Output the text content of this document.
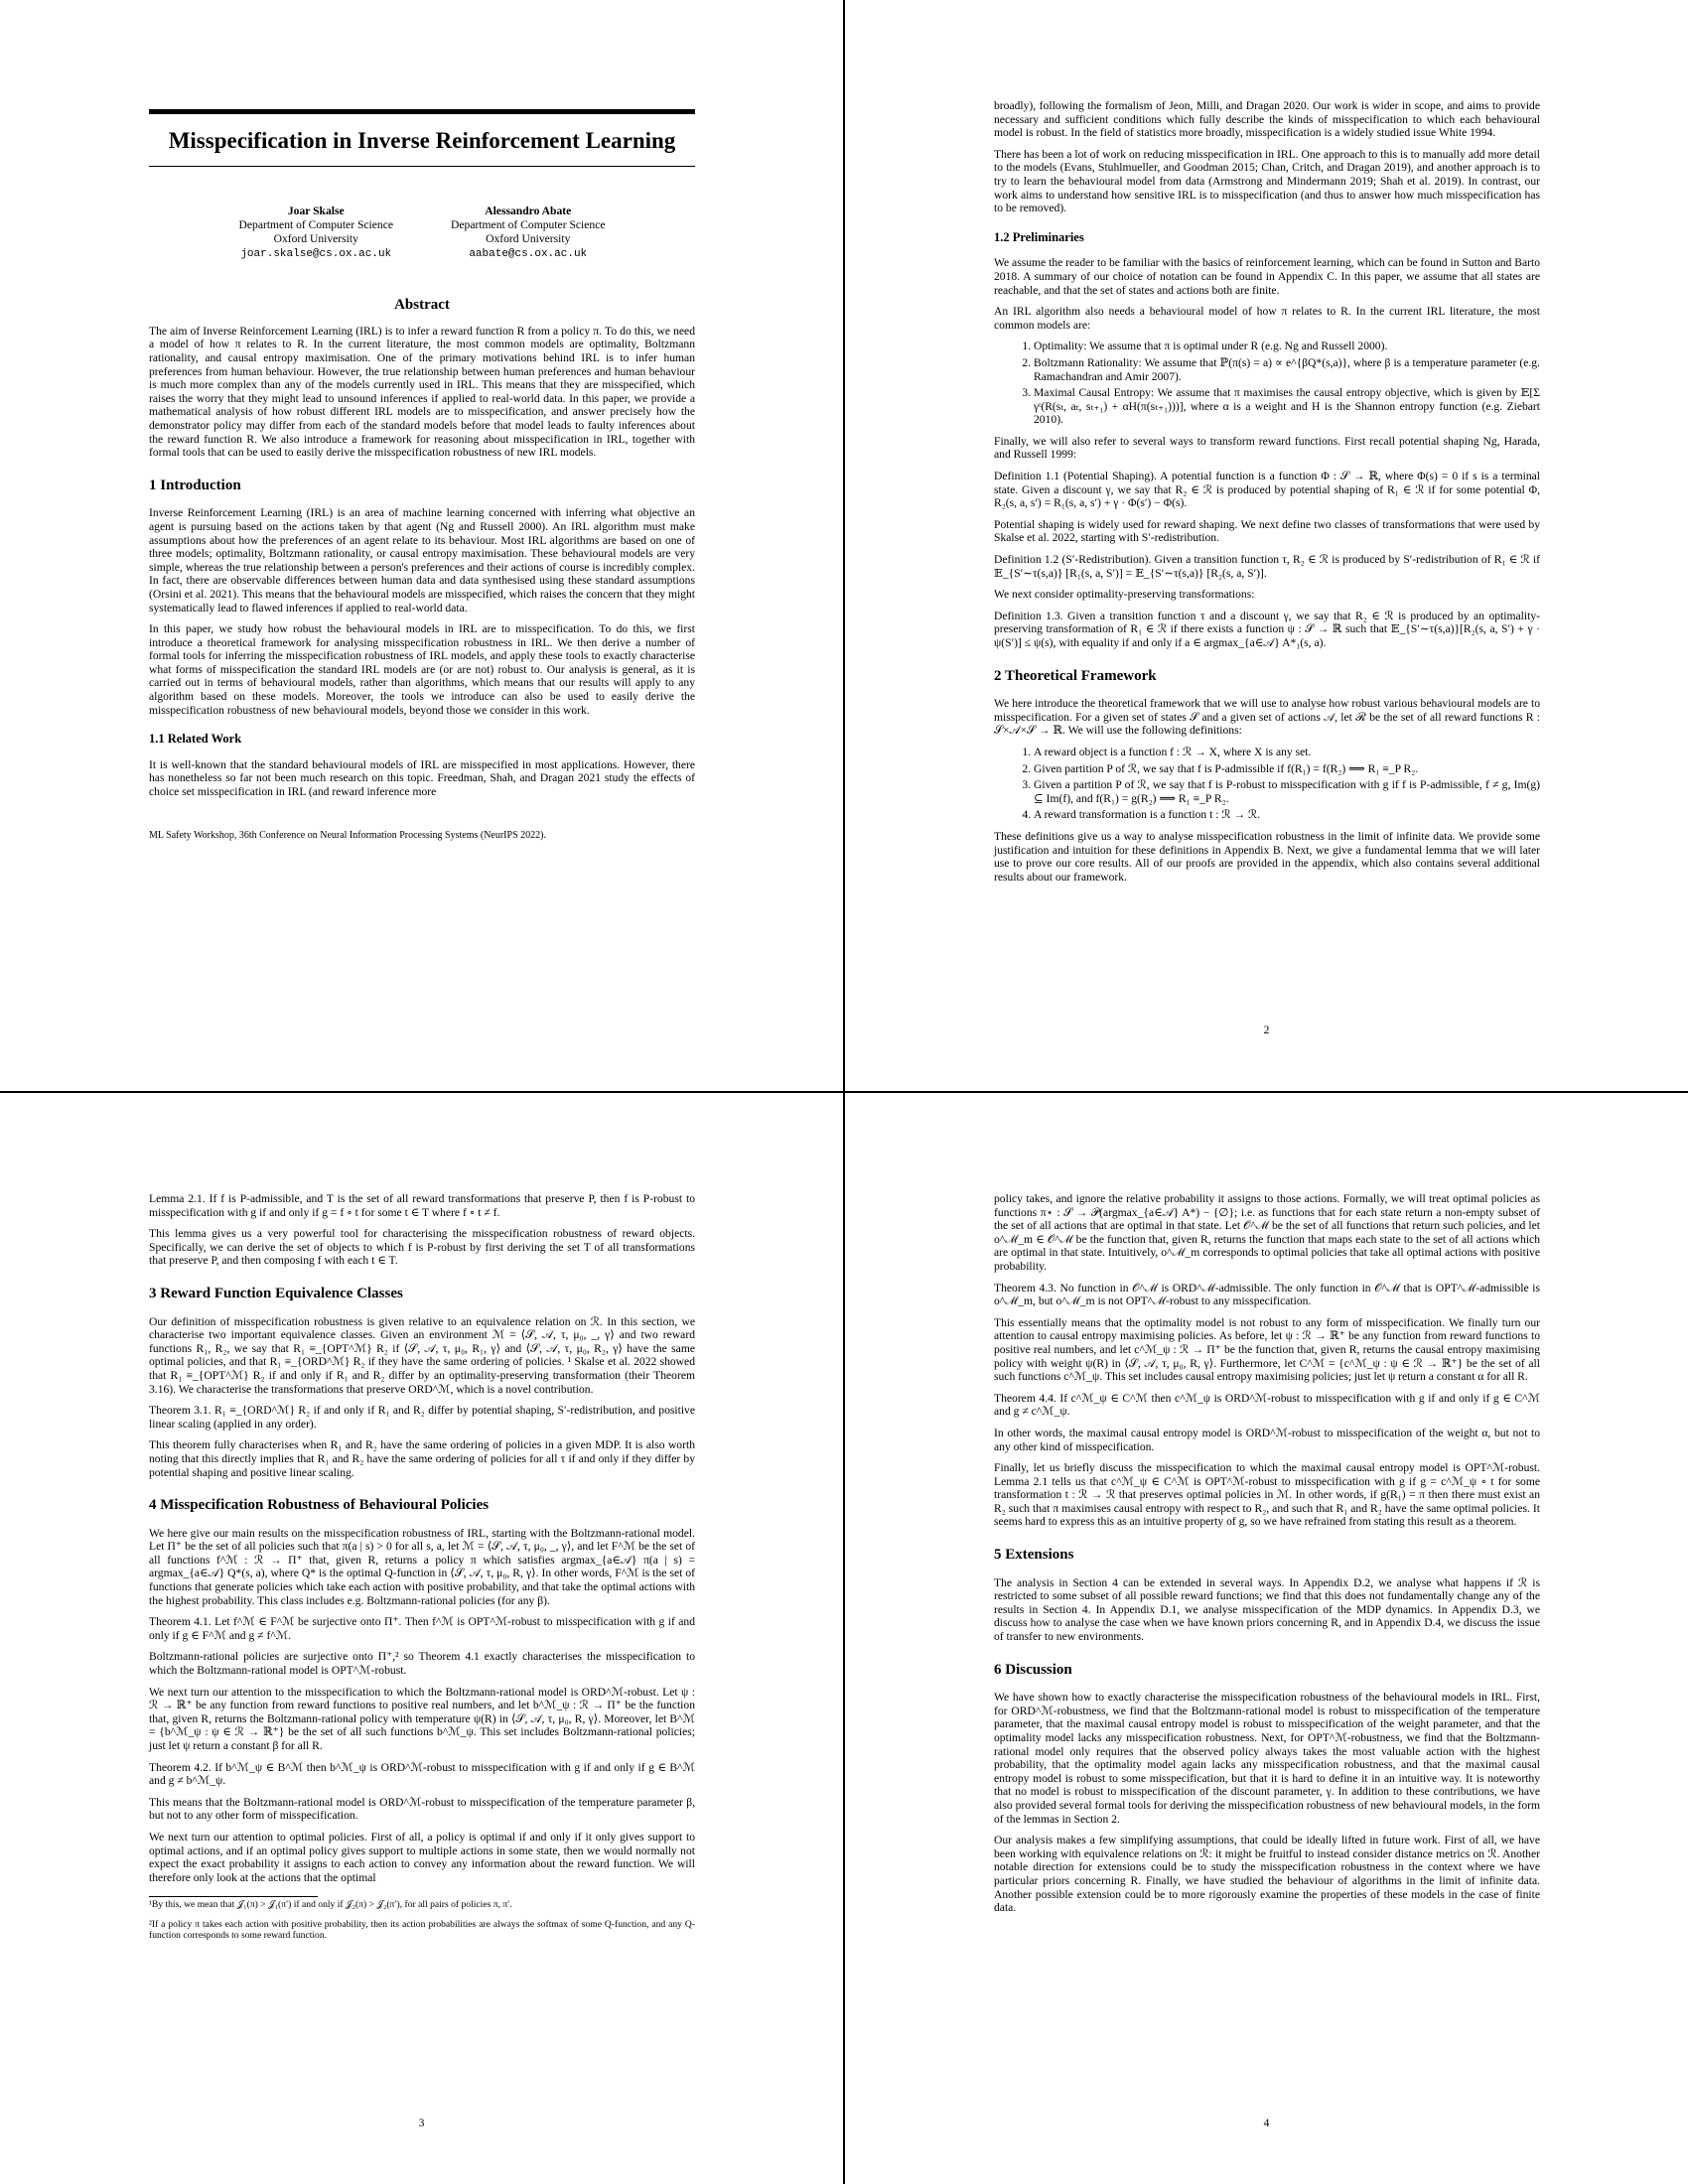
Misspecification in Inverse Reinforcement Learning
Joar Skalse
Department of Computer Science
Oxford University
joar.skalse@cs.ox.ac.uk
Alessandro Abate
Department of Computer Science
Oxford University
aabate@cs.ox.ac.uk
Abstract

The aim of Inverse Reinforcement Learning (IRL) is to infer a reward function R from a policy π. To do this, we need a model of how π relates to R. In the current literature, the most common models are optimality, Boltzmann rationality, and causal entropy maximisation. One of the primary motivations behind IRL is to infer human preferences from human behaviour. However, the true relationship between human preferences and human behaviour is much more complex than any of the models currently used in IRL. This means that they are misspecified, which raises the worry that they might lead to unsound inferences if applied to real-world data. In this paper, we provide a mathematical analysis of how robust different IRL models are to misspecification, and answer precisely how the demonstrator policy may differ from each of the standard models before that model leads to faulty inferences about the reward function R. We also introduce a framework for reasoning about misspecification in IRL, together with formal tools that can be used to easily derive the misspecification robustness of new IRL models.

1 Introduction

Inverse Reinforcement Learning (IRL) is an area of machine learning concerned with inferring what objective an agent is pursuing based on the actions taken by that agent (Ng and Russell 2000). An IRL algorithm must make assumptions about how the preferences of an agent relate to its behaviour. Most IRL algorithms are based on one of three models; optimality, Boltzmann rationality, or causal entropy maximisation. These behavioural models are very simple, whereas the true relationship between a person's preferences and their actions of course is incredibly complex. In fact, there are observable differences between human data and data synthesised using these standard assumptions (Orsini et al. 2021). This means that the behavioural models are misspecified, which raises the concern that they might systematically lead to flawed inferences if applied to real-world data.

In this paper, we study how robust the behavioural models in IRL are to misspecification. To do this, we first introduce a theoretical framework for analysing misspecification robustness in IRL. We then derive a number of formal tools for inferring the misspecification robustness of IRL models, and apply these tools to exactly characterise what forms of misspecification the standard IRL models are (or are not) robust to. Our analysis is general, as it is carried out in terms of behavioural models, rather than algorithms, which means that our results will apply to any algorithm based on these models. Moreover, the tools we introduce can also be used to easily derive the misspecification robustness of new behavioural models, beyond those we consider in this work.

1.1 Related Work

It is well-known that the standard behavioural models of IRL are misspecified in most applications. However, there has nonetheless so far not been much research on this topic. Freedman, Shah, and Dragan 2021 study the effects of choice set misspecification in IRL (and reward inference more

ML Safety Workshop, 36th Conference on Neural Information Processing Systems (NeurIPS 2022).

broadly), following the formalism of Jeon, Milli, and Dragan 2020. Our work is wider in scope, and aims to provide necessary and sufficient conditions which fully describe the kinds of misspecification to which each behavioural model is robust. In the field of statistics more broadly, misspecification is a widely studied issue White 1994.

There has been a lot of work on reducing misspecification in IRL. One approach to this is to manually add more detail to the models (Evans, Stuhlmueller, and Goodman 2015; Chan, Critch, and Dragan 2019), and another approach is to try to learn the behavioural model from data (Armstrong and Mindermann 2019; Shah et al. 2019). In contrast, our work aims to understand how sensitive IRL is to misspecification (and thus to answer how much misspecification has to be removed).

1.2 Preliminaries

We assume the reader to be familiar with the basics of reinforcement learning, which can be found in Sutton and Barto 2018. A summary of our choice of notation can be found in Appendix C. In this paper, we assume that all states are reachable, and that the set of states and actions both are finite.

An IRL algorithm also needs a behavioural model of how π relates to R. In the current IRL literature, the most common models are:

1. Optimality: We assume that π is optimal under R (e.g. Ng and Russell 2000).
2. Boltzmann Rationality: We assume that ℙ(π(s) = a) ∝ e^{βQ*(s,a)}, where β is a temperature parameter (e.g. Ramachandran and Amir 2007).
3. Maximal Causal Entropy: We assume that π maximises the causal entropy objective, which is given by 𝔼[Σ γᵗ(R(sₜ, aₜ, sₜ₊₁) + αH(π(sₜ₊₁)))], where α is a weight and H is the Shannon entropy function (e.g. Ziebart 2010).

Finally, we will also refer to several ways to transform reward functions. First recall potential shaping Ng, Harada, and Russell 1999:

Definition 1.1 (Potential Shaping). A potential function is a function Φ : 𝒮 → ℝ, where Φ(s) = 0 if s is a terminal state. Given a discount γ, we say that R₂ ∈ ℛ is produced by potential shaping of R₁ ∈ ℛ if for some potential Φ, R₂(s, a, s′) = R₁(s, a, s′) + γ · Φ(s′) − Φ(s).

Potential shaping is widely used for reward shaping. We next define two classes of transformations that were used by Skalse et al. 2022, starting with S′-redistribution.

Definition 1.2 (S′-Redistribution). Given a transition function τ, R₂ ∈ ℛ is produced by S′-redistribution of R₁ ∈ ℛ if 𝔼_{S′∼τ(s,a)} [R₁(s, a, S′)] = 𝔼_{S′∼τ(s,a)} [R₂(s, a, S′)].

We next consider optimality-preserving transformations:

Definition 1.3. Given a transition function τ and a discount γ, we say that R₂ ∈ ℛ is produced by an optimality-preserving transformation of R₁ ∈ ℛ if there exists a function ψ : 𝒮 → ℝ such that 𝔼_{S′∼τ(s,a)}[R₂(s, a, S′) + γ · ψ(S′)] ≤ ψ(s), with equality if and only if a ∈ argmax_{a∈𝒜} A*₁(s, a).

2 Theoretical Framework

We here introduce the theoretical framework that we will use to analyse how robust various behavioural models are to misspecification. For a given set of states 𝒮 and a given set of actions 𝒜, let ℛ be the set of all reward functions R : 𝒮×𝒜×𝒮 → ℝ. We will use the following definitions:

1. A reward object is a function f : ℛ → X, where X is any set.
2. Given partition P of ℛ, we say that f is P-admissible if f(R₁) = f(R₂) ⟹ R₁ ≡_P R₂.
3. Given a partition P of ℛ, we say that f is P-robust to misspecification with g if f is P-admissible, f ≠ g, Im(g) ⊆ Im(f), and f(R₁) = g(R₂) ⟹ R₁ ≡_P R₂.
4. A reward transformation is a function t : ℛ → ℛ.

These definitions give us a way to analyse misspecification robustness in the limit of infinite data. We provide some justification and intuition for these definitions in Appendix B. Next, we give a fundamental lemma that we will later use to prove our core results. All of our proofs are provided in the appendix, which also contains several additional results about our framework.

2

Lemma 2.1. If f is P-admissible, and T is the set of all reward transformations that preserve P, then f is P-robust to misspecification with g if and only if g = f ∘ t for some t ∈ T where f ∘ t ≠ f.

This lemma gives us a very powerful tool for characterising the misspecification robustness of reward objects. Specifically, we can derive the set of objects to which f is P-robust by first deriving the set T of all transformations that preserve P, and then composing f with each t ∈ T.

3 Reward Function Equivalence Classes

Our definition of misspecification robustness is given relative to an equivalence relation on ℛ. In this section, we characterise two important equivalence classes. Given an environment ℳ = ⟨𝒮, 𝒜, τ, μ₀, _, γ⟩ and two reward functions R₁, R₂, we say that R₁ ≡_{OPT^ℳ} R₂ if ⟨𝒮, 𝒜, τ, μ₀, R₁, γ⟩ and ⟨𝒮, 𝒜, τ, μ₀, R₂, γ⟩ have the same optimal policies, and that R₁ ≡_{ORD^ℳ} R₂ if they have the same ordering of policies. ¹ Skalse et al. 2022 showed that R₁ ≡_{OPT^ℳ} R₂ if and only if R₁ and R₂ differ by an optimality-preserving transformation (their Theorem 3.16). We characterise the transformations that preserve ORD^ℳ, which is a novel contribution.

Theorem 3.1. R₁ ≡_{ORD^ℳ} R₂ if and only if R₁ and R₂ differ by potential shaping, S′-redistribution, and positive linear scaling (applied in any order).

This theorem fully characterises when R₁ and R₂ have the same ordering of policies in a given MDP. It is also worth noting that this directly implies that R₁ and R₂ have the same ordering of policies for all τ if and only if they differ by potential shaping and positive linear scaling.

4 Misspecification Robustness of Behavioural Policies

We here give our main results on the misspecification robustness of IRL, starting with the Boltzmann-rational model. Let Π⁺ be the set of all policies such that π(a | s) > 0 for all s, a, let ℳ = ⟨𝒮, 𝒜, τ, μ₀, _, γ⟩, and let F^ℳ be the set of all functions f^ℳ : ℛ → Π⁺ that, given R, returns a policy π which satisfies argmax_{a∈𝒜} π(a | s) = argmax_{a∈𝒜} Q*(s, a), where Q* is the optimal Q-function in ⟨𝒮, 𝒜, τ, μ₀, R, γ⟩. In other words, F^ℳ is the set of functions that generate policies which take each action with positive probability, and that take the optimal actions with the highest probability. This class includes e.g. Boltzmann-rational policies (for any β).

Theorem 4.1. Let f^ℳ ∈ F^ℳ be surjective onto Π⁺. Then f^ℳ is OPT^ℳ-robust to misspecification with g if and only if g ∈ F^ℳ and g ≠ f^ℳ.

Boltzmann-rational policies are surjective onto Π⁺,² so Theorem 4.1 exactly characterises the misspecification to which the Boltzmann-rational model is OPT^ℳ-robust.

We next turn our attention to the misspecification to which the Boltzmann-rational model is ORD^ℳ-robust. Let ψ : ℛ → ℝ⁺ be any function from reward functions to positive real numbers, and let b^ℳ_ψ : ℛ → Π⁺ be the function that, given R, returns the Boltzmann-rational policy with temperature ψ(R) in ⟨𝒮, 𝒜, τ, μ₀, R, γ⟩. Moreover, let B^ℳ = {b^ℳ_ψ : ψ ∈ ℛ → ℝ⁺} be the set of all such functions b^ℳ_ψ. This set includes Boltzmann-rational policies; just let ψ return a constant β for all R.

Theorem 4.2. If b^ℳ_ψ ∈ B^ℳ then b^ℳ_ψ is ORD^ℳ-robust to misspecification with g if and only if g ∈ B^ℳ and g ≠ b^ℳ_ψ.

This means that the Boltzmann-rational model is ORD^ℳ-robust to misspecification of the temperature parameter β, but not to any other form of misspecification.

We next turn our attention to optimal policies. First of all, a policy is optimal if and only if it only gives support to optimal actions, and if an optimal policy gives support to multiple actions in some state, then we would normally not expect the exact probability it assigns to each action to convey any information about the reward function. We will therefore only look at the actions that the optimal

¹By this, we mean that 𝒥₁(π) > 𝒥₁(π′) if and only if 𝒥₂(π) > 𝒥₂(π′), for all pairs of policies π, π′.

²If a policy π takes each action with positive probability, then its action probabilities are always the softmax of some Q-function, and any Q-function corresponds to some reward function.

3

policy takes, and ignore the relative probability it assigns to those actions. Formally, we will treat optimal policies as functions π⋆ : 𝒮 → 𝒫(argmax_{a∈𝒜} A*) − {∅}; i.e. as functions that for each state return a non-empty subset of the set of all actions that are optimal in that state. Let 𝒪^ℳ be the set of all functions that return such policies, and let o^ℳ_m ∈ 𝒪^ℳ be the function that, given R, returns the function that maps each state to the set of all actions which are optimal in that state. Intuitively, o^ℳ_m corresponds to optimal policies that take all optimal actions with positive probability.

Theorem 4.3. No function in 𝒪^ℳ is ORD^ℳ-admissible. The only function in 𝒪^ℳ that is OPT^ℳ-admissible is o^ℳ_m, but o^ℳ_m is not OPT^ℳ-robust to any misspecification.

This essentially means that the optimality model is not robust to any form of misspecification. We finally turn our attention to causal entropy maximising policies. As before, let ψ : ℛ → ℝ⁺ be any function from reward functions to positive real numbers, and let c^ℳ_ψ : ℛ → Π⁺ be the function that, given R, returns the causal entropy maximising policy with weight ψ(R) in ⟨𝒮, 𝒜, τ, μ₀, R, γ⟩. Furthermore, let C^ℳ = {c^ℳ_ψ : ψ ∈ ℛ → ℝ⁺} be the set of all such functions c^ℳ_ψ. This set includes causal entropy maximising policies; just let ψ return a constant α for all R.

Theorem 4.4. If c^ℳ_ψ ∈ C^ℳ then c^ℳ_ψ is ORD^ℳ-robust to misspecification with g if and only if g ∈ C^ℳ and g ≠ c^ℳ_ψ.

In other words, the maximal causal entropy model is ORD^ℳ-robust to misspecification of the weight α, but not to any other kind of misspecification.

Finally, let us briefly discuss the misspecification to which the maximal causal entropy model is OPT^ℳ-robust. Lemma 2.1 tells us that c^ℳ_ψ ∈ C^ℳ is OPT^ℳ-robust to misspecification with g if g = c^ℳ_ψ ∘ t for some transformation t : ℛ → ℛ that preserves optimal policies in ℳ. In other words, if g(R₁) = π then there must exist an R₂ such that π maximises causal entropy with respect to R₂, and such that R₁ and R₂ have the same optimal policies. It seems hard to express this as an intuitive property of g, so we have refrained from stating this result as a theorem.

5 Extensions

The analysis in Section 4 can be extended in several ways. In Appendix D.2, we analyse what happens if ℛ is restricted to some subset of all possible reward functions; we find that this does not fundamentally change any of the results in Section 4. In Appendix D.1, we analyse misspecification of the MDP dynamics. In Appendix D.3, we discuss how to analyse the case when we have known priors concerning R, and in Appendix D.4, we discuss the issue of transfer to new environments.

6 Discussion

We have shown how to exactly characterise the misspecification robustness of the behavioural models in IRL. First, for ORD^ℳ-robustness, we find that the Boltzmann-rational model is robust to misspecification of the temperature parameter, that the maximal causal entropy model is robust to misspecification of the weight parameter, and that the optimality model lacks any misspecification robustness. Next, for OPT^ℳ-robustness, we find that the Boltzmann-rational model only requires that the observed policy always takes the most valuable action with the highest probability, that the optimality model again lacks any misspecification robustness, and that the maximal causal entropy model is robust to some misspecification, but that it is hard to define it in an intuitive way. It is noteworthy that no model is robust to misspecification of the discount parameter, γ. In addition to these contributions, we have also provided several formal tools for deriving the misspecification robustness of new behavioural models, in the form of the lemmas in Section 2.

Our analysis makes a few simplifying assumptions, that could be ideally lifted in future work. First of all, we have been working with equivalence relations on ℛ: it might be fruitful to instead consider distance metrics on ℛ. Another notable direction for extensions could be to study the misspecification robustness in the context where we have particular priors concerning R. Finally, we have studied the behaviour of algorithms in the limit of infinite data. Another possible extension could be to more rigorously examine the properties of these models in the case of finite data.

4
